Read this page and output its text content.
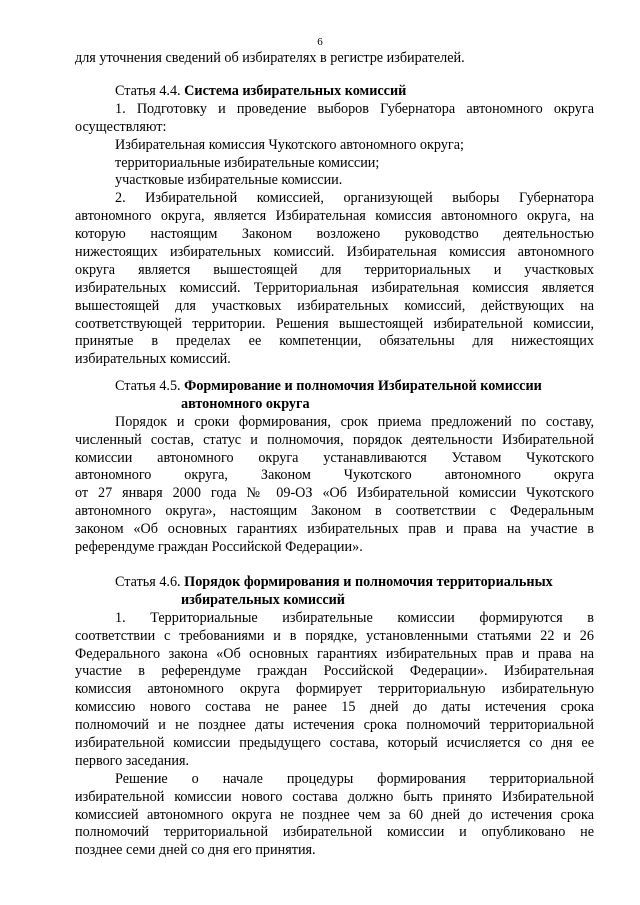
6
для уточнения сведений об избирателях в регистре избирателей.
Статья 4.4. Система избирательных комиссий
1. Подготовку и проведение выборов Губернатора автономного округа
осуществляют:
Избирательная комиссия Чукотского автономного округа;
территориальные избирательные комиссии;
участковые избирательные комиссии.
2. Избирательной комиссией, организующей выборы Губернатора
автономного округа, является Избирательная комиссия автономного округа, на
которую настоящим Законом возложено руководство деятельностью
нижестоящих избирательных комиссий. Избирательная комиссия автономного
округа является вышестоящей для территориальных и участковых
избирательных комиссий. Территориальная избирательная комиссия является
вышестоящей для участковых избирательных комиссий, действующих на
соответствующей территории. Решения вышестоящей избирательной комиссии,
принятые в пределах ее компетенции, обязательны для нижестоящих
избирательных комиссий.
Статья 4.5. Формирование и полномочия Избирательной комиссии
автономного округа
Порядок и сроки формирования, срок приема предложений по составу,
численный состав, статус и полномочия, порядок деятельности Избирательной
комиссии автономного округа устанавливаются Уставом Чукотского
автономного округа, Законом Чукотского автономного округа
от 27 января 2000 года № 09-ОЗ «Об Избирательной комиссии Чукотского
автономного округа», настоящим Законом в соответствии с Федеральным
законом «Об основных гарантиях избирательных прав и права на участие в
референдуме граждан Российской Федерации».
Статья 4.6. Порядок формирования и полномочия территориальных
избирательных комиссий
1. Территориальные избирательные комиссии формируются в
соответствии с требованиями и в порядке, установленными статьями 22 и 26
Федерального закона «Об основных гарантиях избирательных прав и права на
участие в референдуме граждан Российской Федерации». Избирательная
комиссия автономного округа формирует территориальную избирательную
комиссию нового состава не ранее 15 дней до даты истечения срока
полномочий и не позднее даты истечения срока полномочий территориальной
избирательной комиссии предыдущего состава, который исчисляется со дня ее
первого заседания.
Решение о начале процедуры формирования территориальной
избирательной комиссии нового состава должно быть принято Избирательной
комиссией автономного округа не позднее чем за 60 дней до истечения срока
полномочий территориальной избирательной комиссии и опубликовано не
позднее семи дней со дня его принятия.
